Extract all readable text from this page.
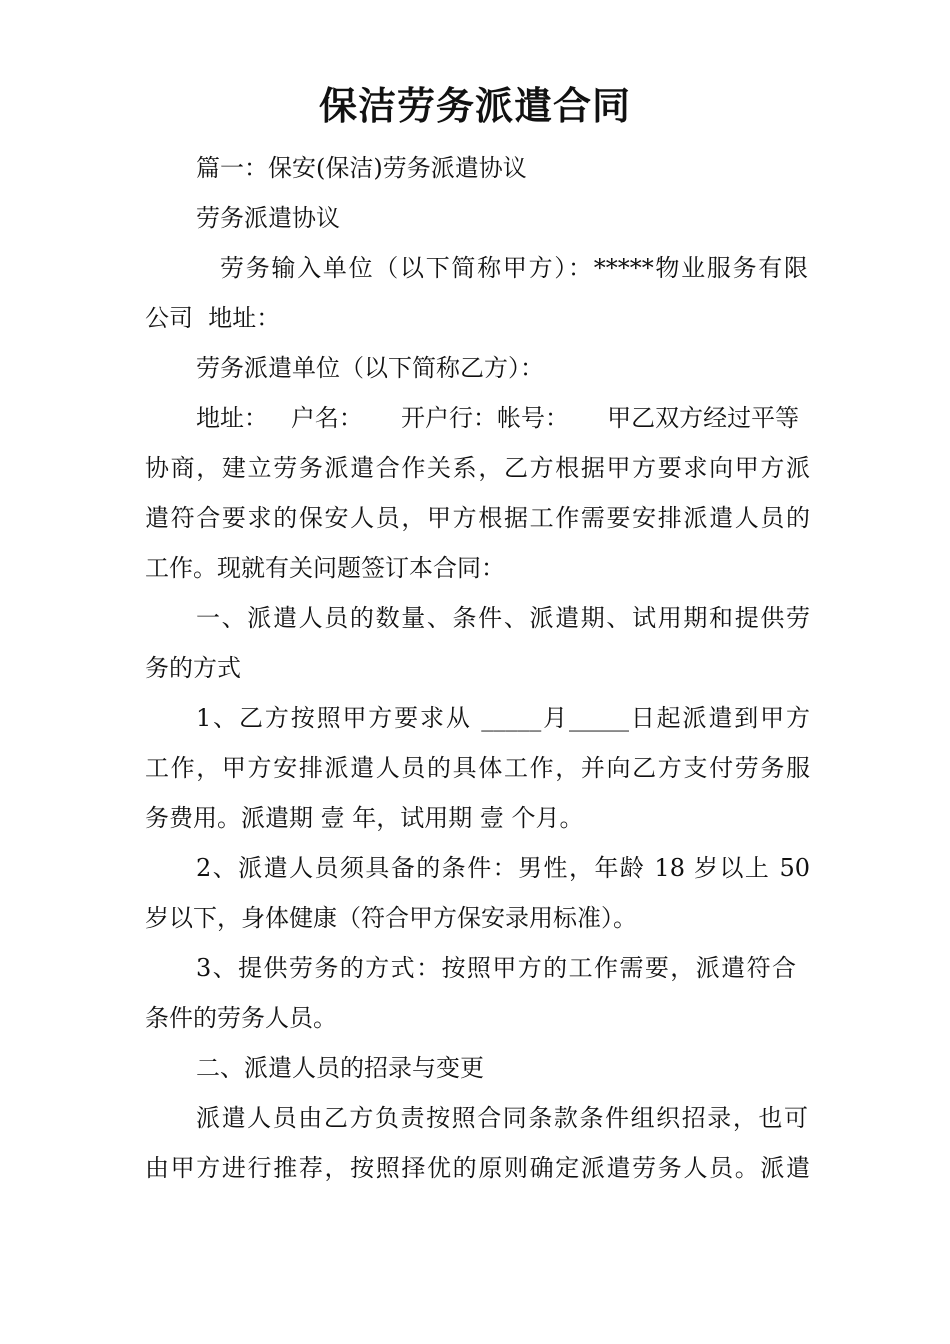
保洁劳务派遣合同
篇一：保安(保洁)劳务派遣协议
劳务派遣协议
劳务输入单位（以下简称甲方）：*****物业服务有限
公司  地址：
劳务派遣单位（以下简称乙方）：
地址：   户名：     开户行：帐号：     甲乙双方经过平等
协商，建立劳务派遣合作关系，乙方根据甲方要求向甲方派
遣符合要求的保安人员，甲方根据工作需要安排派遣人员的
工作。现就有关问题签订本合同：
一、派遣人员的数量、条件、派遣期、试用期和提供劳
务的方式
1、乙方按照甲方要求从 _____月_____日起派遣到甲方
工作，甲方安排派遣人员的具体工作，并向乙方支付劳务服
务费用。派遣期 壹 年，试用期 壹 个月。
2、派遣人员须具备的条件：男性，年龄 18 岁以上 50
岁以下，身体健康（符合甲方保安录用标准）。
3、提供劳务的方式：按照甲方的工作需要，派遣符合
条件的劳务人员。
二、派遣人员的招录与变更
派遣人员由乙方负责按照合同条款条件组织招录，也可
由甲方进行推荐，按照择优的原则确定派遣劳务人员。派遣
